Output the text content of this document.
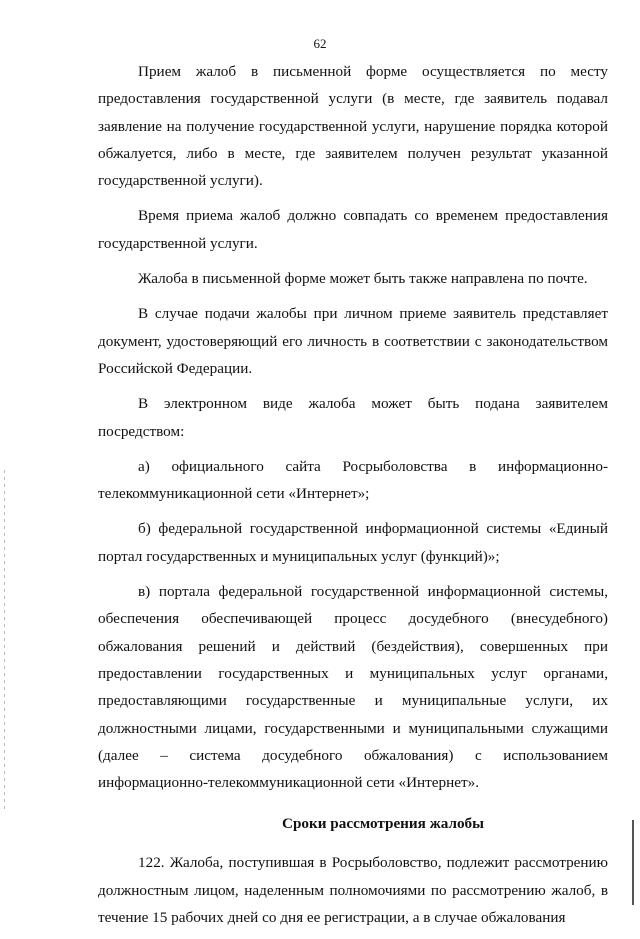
62

Прием жалоб в письменной форме осуществляется по месту предоставления государственной услуги (в месте, где заявитель подавал заявление на получение государственной услуги, нарушение порядка которой обжалуется, либо в месте, где заявителем получен результат указанной государственной услуги).

Время приема жалоб должно совпадать со временем предоставления государственной услуги.

Жалоба в письменной форме может быть также направлена по почте.

В случае подачи жалобы при личном приеме заявитель представляет документ, удостоверяющий его личность в соответствии с законодательством Российской Федерации.

В электронном виде жалоба может быть подана заявителем посредством:

а) официального сайта Росрыболовства в информационно-телекоммуникационной сети «Интернет»;

б) федеральной государственной информационной системы «Единый портал государственных и муниципальных услуг (функций)»;

в) портала федеральной государственной информационной системы, обеспечения обеспечивающей процесс досудебного (внесудебного) обжалования решений и действий (бездействия), совершенных при предоставлении государственных и муниципальных услуг органами, предоставляющими государственные и муниципальные услуги, их должностными лицами, государственными и муниципальными служащими (далее – система досудебного обжалования) с использованием информационно-телекоммуникационной сети «Интернет».

Сроки рассмотрения жалобы

122. Жалоба, поступившая в Росрыболовство, подлежит рассмотрению должностным лицом, наделенным полномочиями по рассмотрению жалоб, в течение 15 рабочих дней со дня ее регистрации, а в случае обжалования
